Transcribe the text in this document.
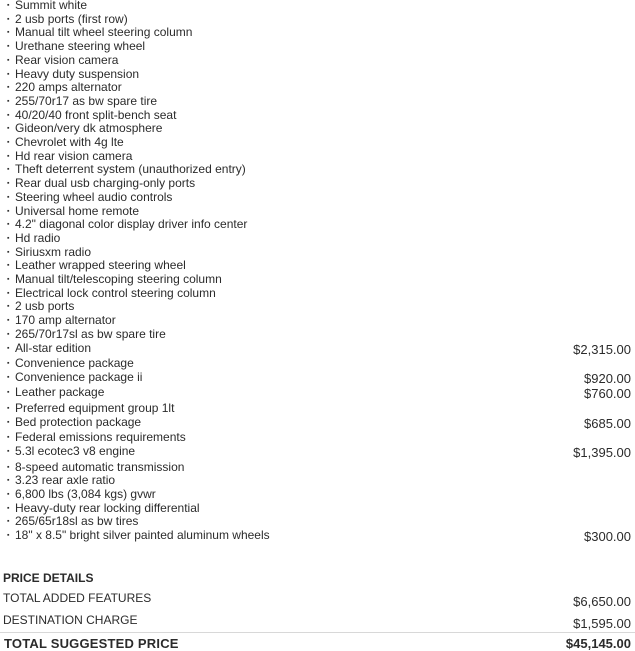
▪ Summit white
▪ 2 usb ports (first row)
▪ Manual tilt wheel steering column
▪ Urethane steering wheel
▪ Rear vision camera
▪ Heavy duty suspension
▪ 220 amps alternator
▪ 255/70r17 as bw spare tire
▪ 40/20/40 front split-bench seat
▪ Gideon/very dk atmosphere
▪ Chevrolet with 4g lte
▪ Hd rear vision camera
▪ Theft deterrent system (unauthorized entry)
▪ Rear dual usb charging-only ports
▪ Steering wheel audio controls
▪ Universal home remote
▪ 4.2" diagonal color display driver info center
▪ Hd radio
▪ Siriusxm radio
▪ Leather wrapped steering wheel
▪ Manual tilt/telescoping steering column
▪ Electrical lock control steering column
▪ 2 usb ports
▪ 170 amp alternator
▪ 265/70r17sl as bw spare tire
▪ All-star edition	$2,315.00
▪ Convenience package
▪ Convenience package ii	$920.00
▪ Leather package	$760.00
▪ Preferred equipment group 1lt
▪ Bed protection package	$685.00
▪ Federal emissions requirements
▪ 5.3l ecotec3 v8 engine	$1,395.00
▪ 8-speed automatic transmission
▪ 3.23 rear axle ratio
▪ 6,800 lbs (3,084 kgs) gvwr
▪ Heavy-duty rear locking differential
▪ 265/65r18sl as bw tires
▪ 18" x 8.5" bright silver painted aluminum wheels	$300.00
PRICE DETAILS
TOTAL ADDED FEATURES	$6,650.00
DESTINATION CHARGE	$1,595.00
TOTAL SUGGESTED PRICE	$45,145.00
